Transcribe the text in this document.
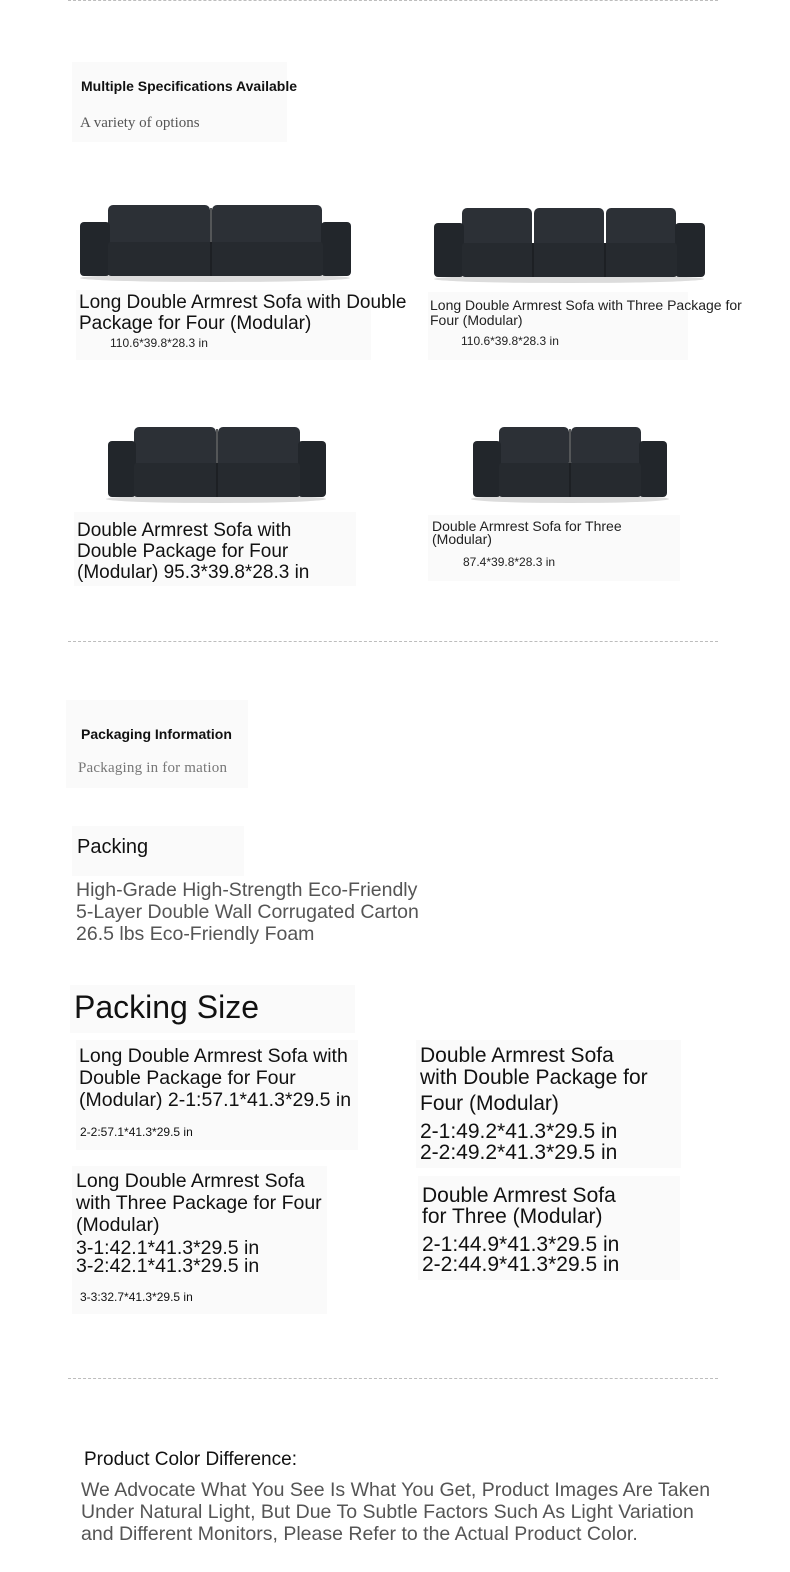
Multiple Specifications Available
A variety of options
Long Double Armrest Sofa with Double Package for Four (Modular)
110.6*39.8*28.3 in
Long Double Armrest Sofa with Three Package for Four (Modular)
110.6*39.8*28.3 in
Double Armrest Sofa with Double Package for Four (Modular) 95.3*39.8*28.3 in
Double Armrest Sofa for Three (Modular)
87.4*39.8*28.3 in
Packaging Information
Packaging in for mation
Packing
High-Grade High-Strength Eco-Friendly
5-Layer Double Wall Corrugated Carton
26.5 lbs Eco-Friendly Foam
Packing Size
Long Double Armrest Sofa with
Double Package for Four
(Modular) 2-1:57.1*41.3*29.5 in
2-2:57.1*41.3*29.5 in
Double Armrest Sofa
with Double Package for
Four (Modular)
2-1:49.2*41.3*29.5 in
2-2:49.2*41.3*29.5 in
Long Double Armrest Sofa
with Three Package for Four
(Modular)
3-1:42.1*41.3*29.5 in
3-2:42.1*41.3*29.5 in
3-3:32.7*41.3*29.5 in
Double Armrest Sofa
for Three (Modular)
2-1:44.9*41.3*29.5 in
2-2:44.9*41.3*29.5 in
Product Color Difference:
We Advocate What You See Is What You Get, Product Images Are Taken
Under Natural Light, But Due To Subtle Factors Such As Light Variation
and Different Monitors, Please Refer to the Actual Product Color.
